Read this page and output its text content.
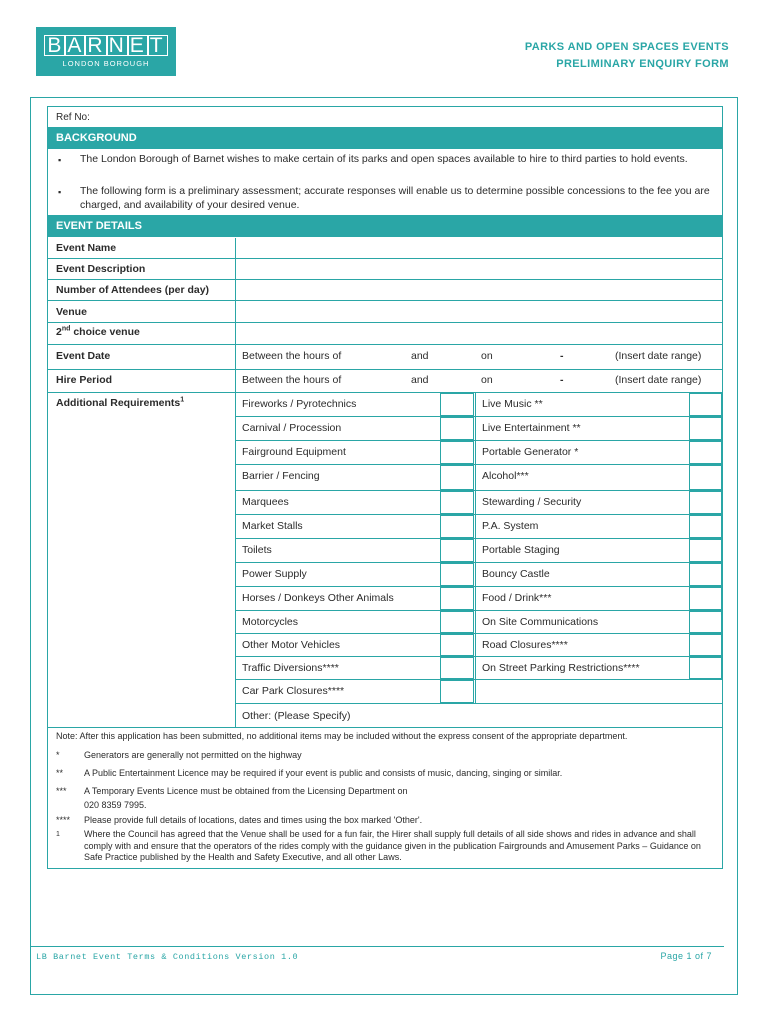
B A R N E T
LONDON BOROUGH
PARKS AND OPEN SPACES EVENTS
PRELIMINARY ENQUIRY FORM
Ref No:
BACKGROUND
▪ The London Borough of Barnet wishes to make certain of its parks and open spaces available to hire to third parties to hold events.
▪ The following form is a preliminary assessment; accurate responses will enable us to determine possible concessions to the fee you are charged, and availability of your desired venue.
EVENT DETAILS
Event Name
Event Description
Number of Attendees (per day)
Venue
2nd choice venue
Event Date	Between the hours of	and	on	-	(Insert date range)
Hire Period	Between the hours of	and	on	-	(Insert date range)
Additional Requirements$^1$	Fireworks / Pyrotechnics	Live Music **
Carnival / Procession	Live Entertainment **
Fairground Equipment	Portable Generator *
Barrier / Fencing	Alcohol***
Marquees	Stewarding / Security
Market Stalls	P.A. System
Toilets	Portable Staging
Power Supply	Bouncy Castle
Horses / Donkeys Other Animals	Food / Drink***
Motorcycles	On Site Communications
Other Motor Vehicles	Road Closures****
Traffic Diversions****	On Street Parking Restrictions****
Car Park Closures****
Other: (Please Specify)
Note: After this application has been submitted, no additional items may be included without the express consent of the appropriate department.
*	Generators are generally not permitted on the highway
** A Public Entertainment Licence may be required if your event is public and consists of music, dancing, singing or similar.
*** A Temporary Events Licence must be obtained from the Licensing Department on
020 8359 7995.
**** Please provide full details of locations, dates and times using the box marked 'Other'.
1	Where the Council has agreed that the Venue shall be used for a fun fair, the Hirer shall supply full details of all side shows and rides in advance and shall comply with and ensure that the operators of the rides comply with the guidance given in the publication Fairgrounds and Amusement Parks – Guidance on Safe Practice published by the Health and Safety Executive, and all other Laws.
LB Barnet Event Terms & Conditions Version 1.0	Page 1 of 7
